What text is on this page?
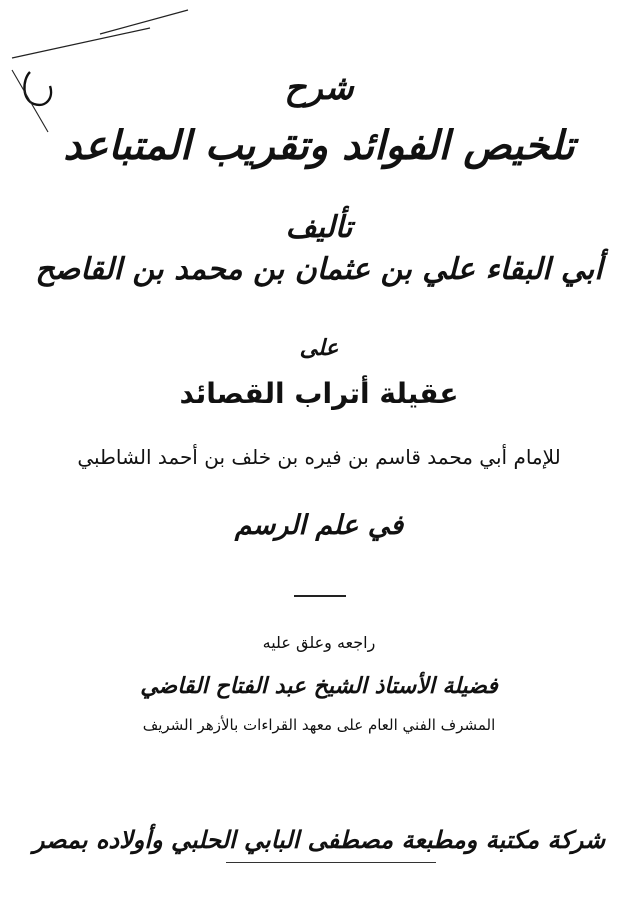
شرح
تلخيص الفوائد وتقريب المتباعد
تأليف
أبي البقاء علي بن عثمان بن محمد بن القاصح
على
عقيلة أتراب القصائد
للإمام أبي محمد قاسم بن فيره بن خلف بن أحمد الشاطبي
في علم الرسم
راجعه وعلق عليه
فضيلة الأستاذ الشيخ عبد الفتاح القاضي
المشرف الفني العام على معهد القراءات بالأزهر الشريف
شركة مكتبة ومطبعة مصطفى البابي الحلبي وأولاده بمصر
